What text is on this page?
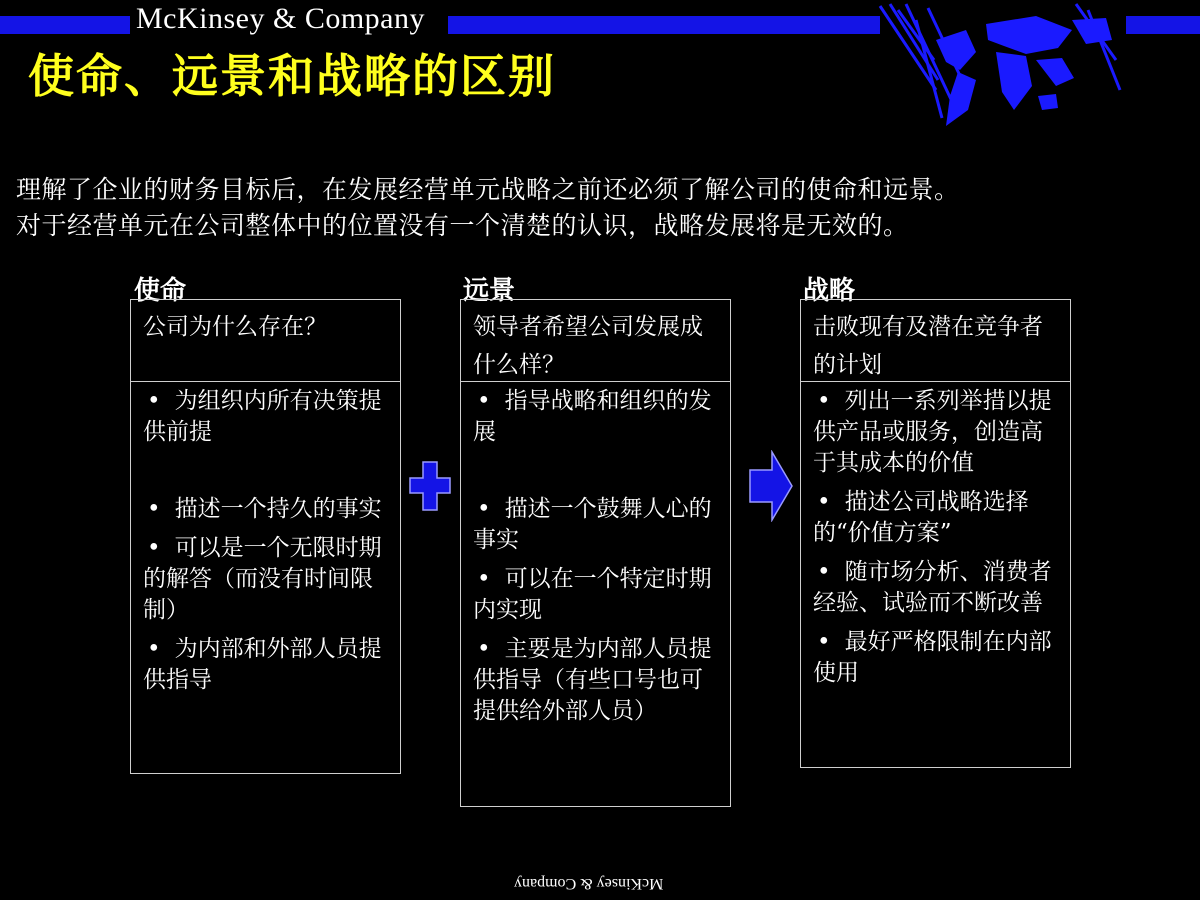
McKinsey & Company
使命、远景和战略的区别

理解了企业的财务目标后，在发展经营单元战略之前还必须了解公司的使命和远景。

对于经营单元在公司整体中的位置没有一个清楚的认识，战略发展将是无效的。

使命
公司为什么存在？
• 为组织内所有决策提供前提
• 描述一个持久的事实
• 可以是一个无限时期的解答（而没有时间限制）
• 为内部和外部人员提供指导
远景
领导者希望公司发展成什么样？
• 指导战略和组织的发展
• 描述一个鼓舞人心的事实
• 可以在一个特定时期内实现
• 主要是为内部人员提供指导（有些口号也可提供给外部人员）
战略
击败现有及潜在竞争者的计划
• 列出一系列举措以提供产品或服务，创造高于其成本的价值
• 描述公司战略选择的“价值方案”
• 随市场分析、消费者经验、试验而不断改善
• 最好严格限制在内部使用
McKinsey & Company
